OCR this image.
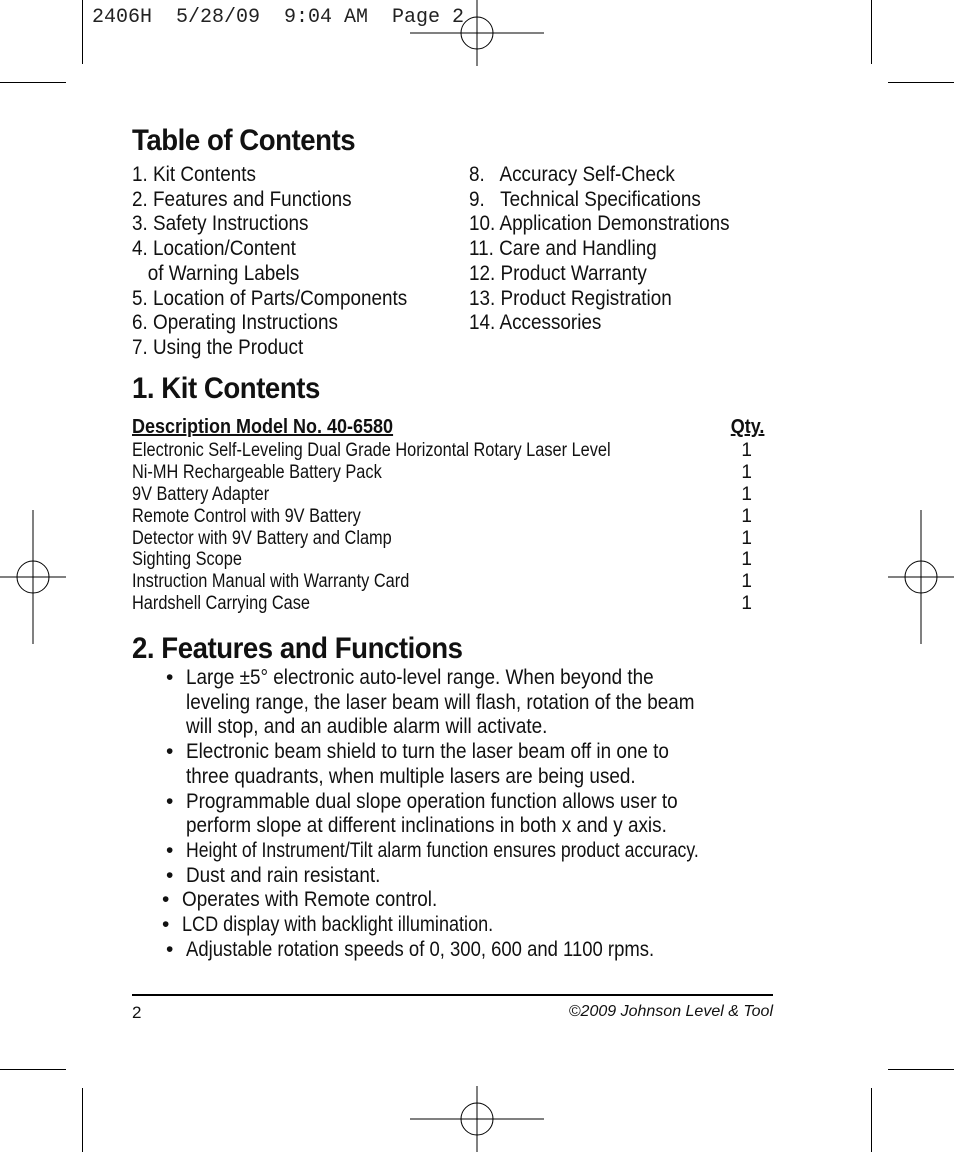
2406H  5/28/09  9:04 AM  Page 2
Table of Contents
1. Kit Contents
2. Features and Functions
3. Safety Instructions
4. Location/Content
of Warning Labels
5. Location of Parts/Components
6. Operating Instructions
7. Using the Product
8.   Accuracy Self-Check
9.   Technical Specifications
10. Application Demonstrations
11. Care and Handling
12. Product Warranty
13. Product Registration
14. Accessories
1. Kit Contents
Description Model No. 40-6580	Qty.
Electronic Self-Leveling Dual Grade Horizontal Rotary Laser Level	1
Ni-MH Rechargeable Battery Pack	1
9V Battery Adapter	1
Remote Control with 9V Battery	1
Detector with 9V Battery and Clamp	1
Sighting Scope	1
Instruction Manual with Warranty Card	1
Hardshell Carrying Case	1
2. Features and Functions
• Large ±5° electronic auto-level range. When beyond the leveling range, the laser beam will flash, rotation of the beam will stop, and an audible alarm will activate.
• Electronic beam shield to turn the laser beam off in one to three quadrants, when multiple lasers are being used.
• Programmable dual slope operation function allows user to perform slope at different inclinations in both x and y axis.
• Height of Instrument/Tilt alarm function ensures product accuracy.
• Dust and rain resistant.
• Operates with Remote control.
• LCD display with backlight illumination.
• Adjustable rotation speeds of 0, 300, 600 and 1100 rpms.
2	©2009 Johnson Level & Tool
